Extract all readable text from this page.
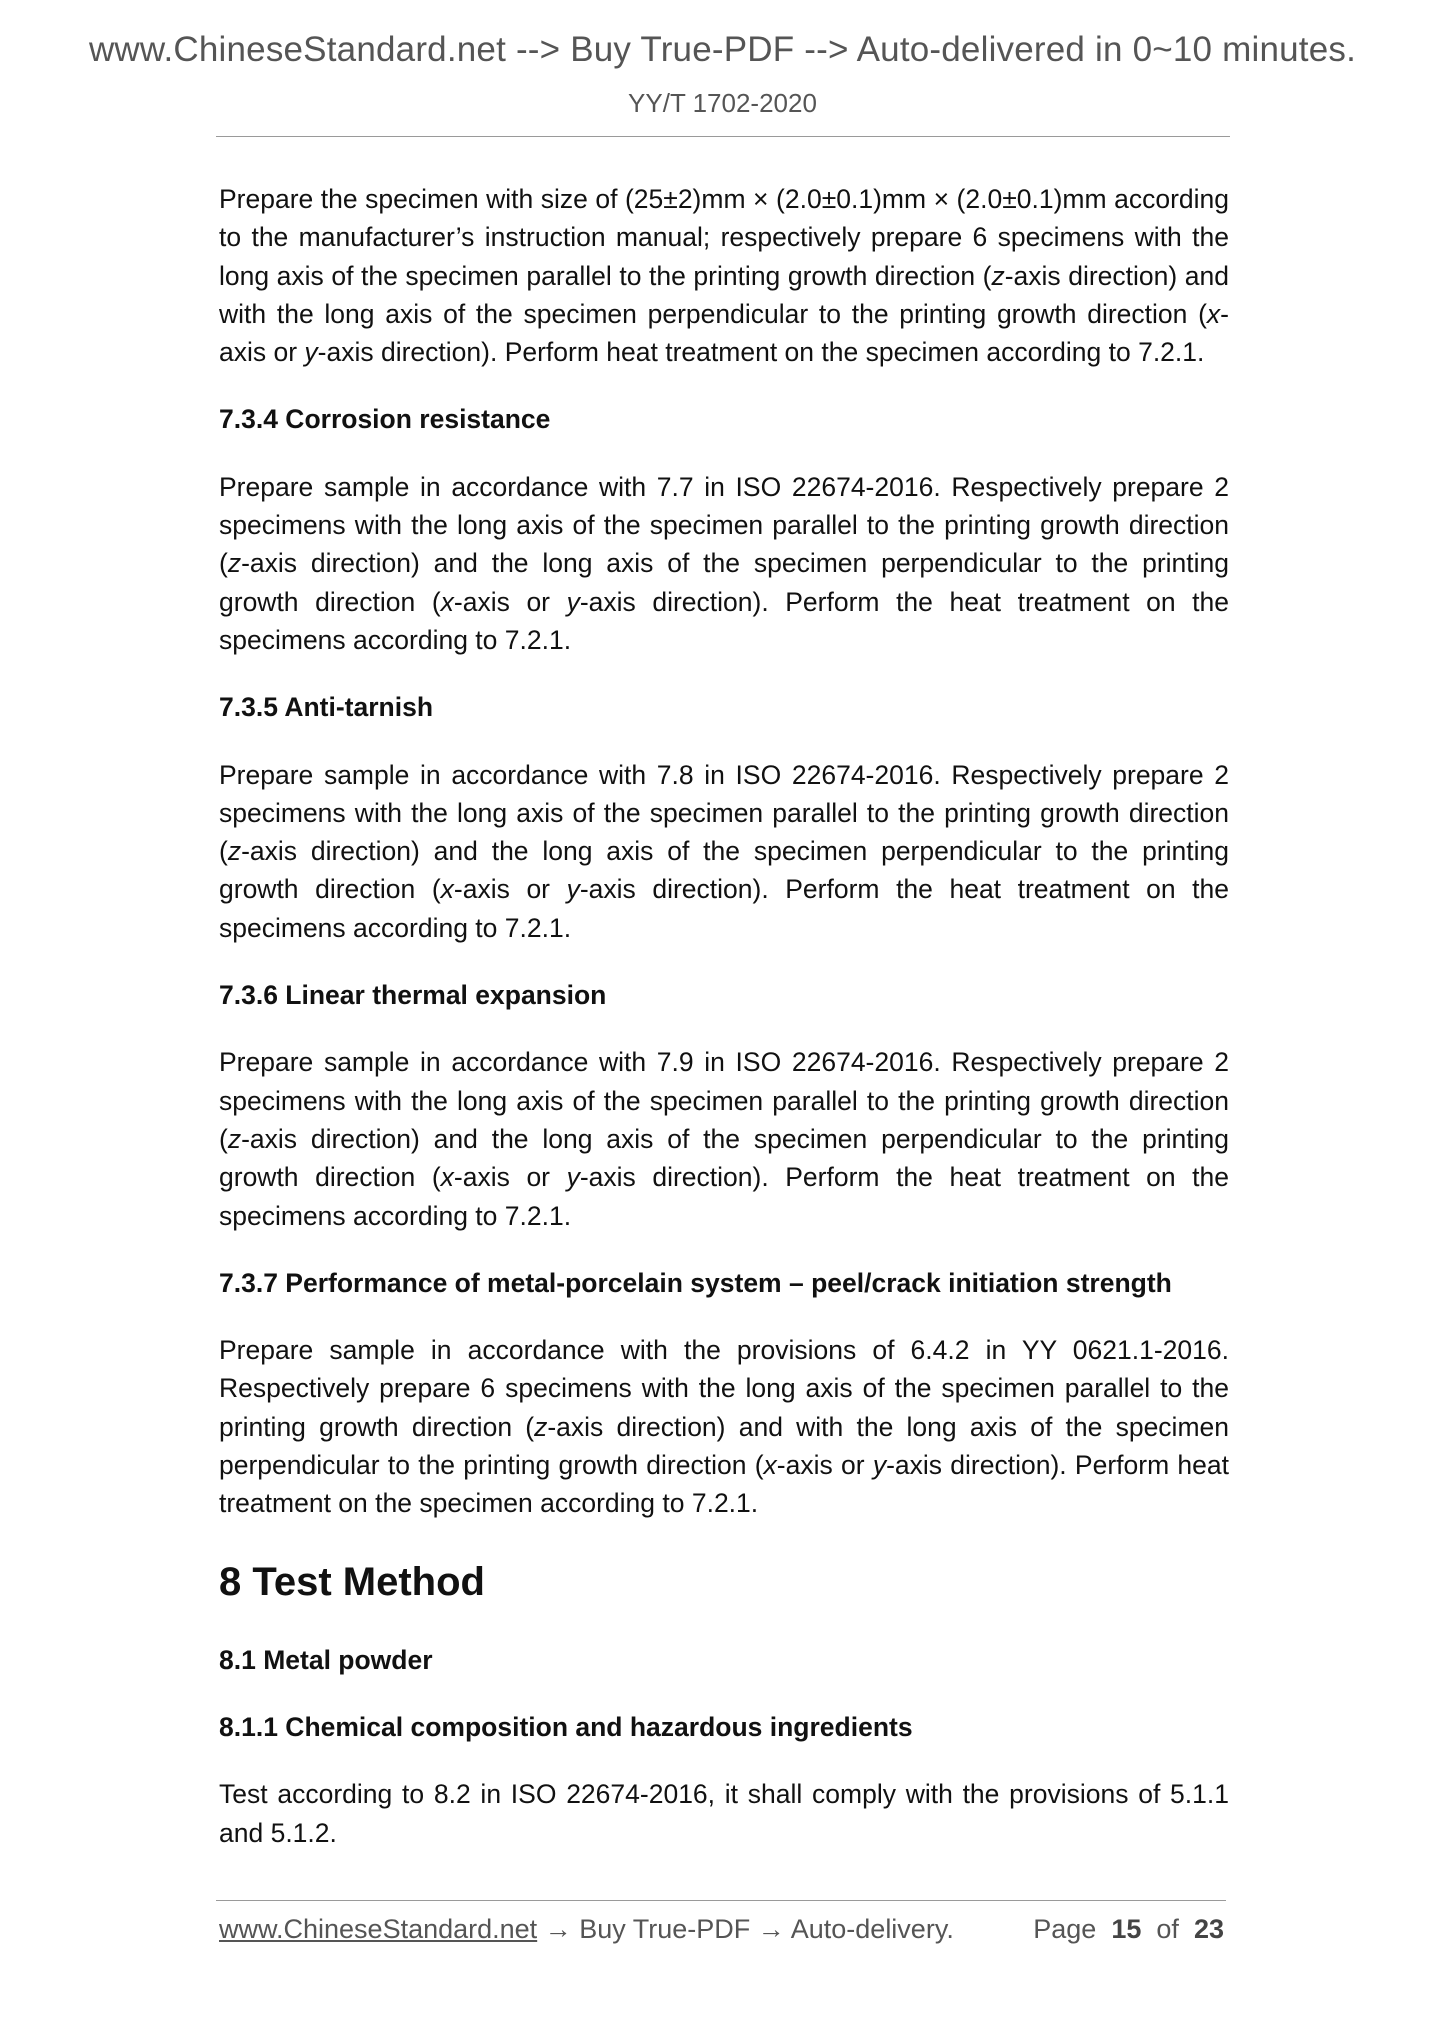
www.ChineseStandard.net --> Buy True-PDF --> Auto-delivered in 0~10 minutes.
YY/T 1702-2020

Prepare the specimen with size of (25±2)mm × (2.0±0.1)mm × (2.0±0.1)mm according to the manufacturer’s instruction manual; respectively prepare 6 specimens with the long axis of the specimen parallel to the printing growth direction (z-axis direction) and with the long axis of the specimen perpendicular to the printing growth direction (x-axis or y-axis direction). Perform heat treatment on the specimen according to 7.2.1.

7.3.4 Corrosion resistance

Prepare sample in accordance with 7.7 in ISO 22674-2016. Respectively prepare 2 specimens with the long axis of the specimen parallel to the printing growth direction (z-axis direction) and the long axis of the specimen perpendicular to the printing growth direction (x-axis or y-axis direction). Perform the heat treatment on the specimens according to 7.2.1.

7.3.5 Anti-tarnish

Prepare sample in accordance with 7.8 in ISO 22674-2016. Respectively prepare 2 specimens with the long axis of the specimen parallel to the printing growth direction (z-axis direction) and the long axis of the specimen perpendicular to the printing growth direction (x-axis or y-axis direction). Perform the heat treatment on the specimens according to 7.2.1.

7.3.6 Linear thermal expansion

Prepare sample in accordance with 7.9 in ISO 22674-2016. Respectively prepare 2 specimens with the long axis of the specimen parallel to the printing growth direction (z-axis direction) and the long axis of the specimen perpendicular to the printing growth direction (x-axis or y-axis direction). Perform the heat treatment on the specimens according to 7.2.1.

7.3.7 Performance of metal-porcelain system – peel/crack initiation strength

Prepare sample in accordance with the provisions of 6.4.2 in YY 0621.1-2016. Respectively prepare 6 specimens with the long axis of the specimen parallel to the printing growth direction (z-axis direction) and with the long axis of the specimen perpendicular to the printing growth direction (x-axis or y-axis direction). Perform heat treatment on the specimen according to 7.2.1.

8 Test Method
8.1 Metal powder
8.1.1 Chemical composition and hazardous ingredients

Test according to 8.2 in ISO 22674-2016, it shall comply with the provisions of 5.1.1 and 5.1.2.

www.ChineseStandard.net → Buy True-PDF → Auto-delivery.	Page 15 of 23
